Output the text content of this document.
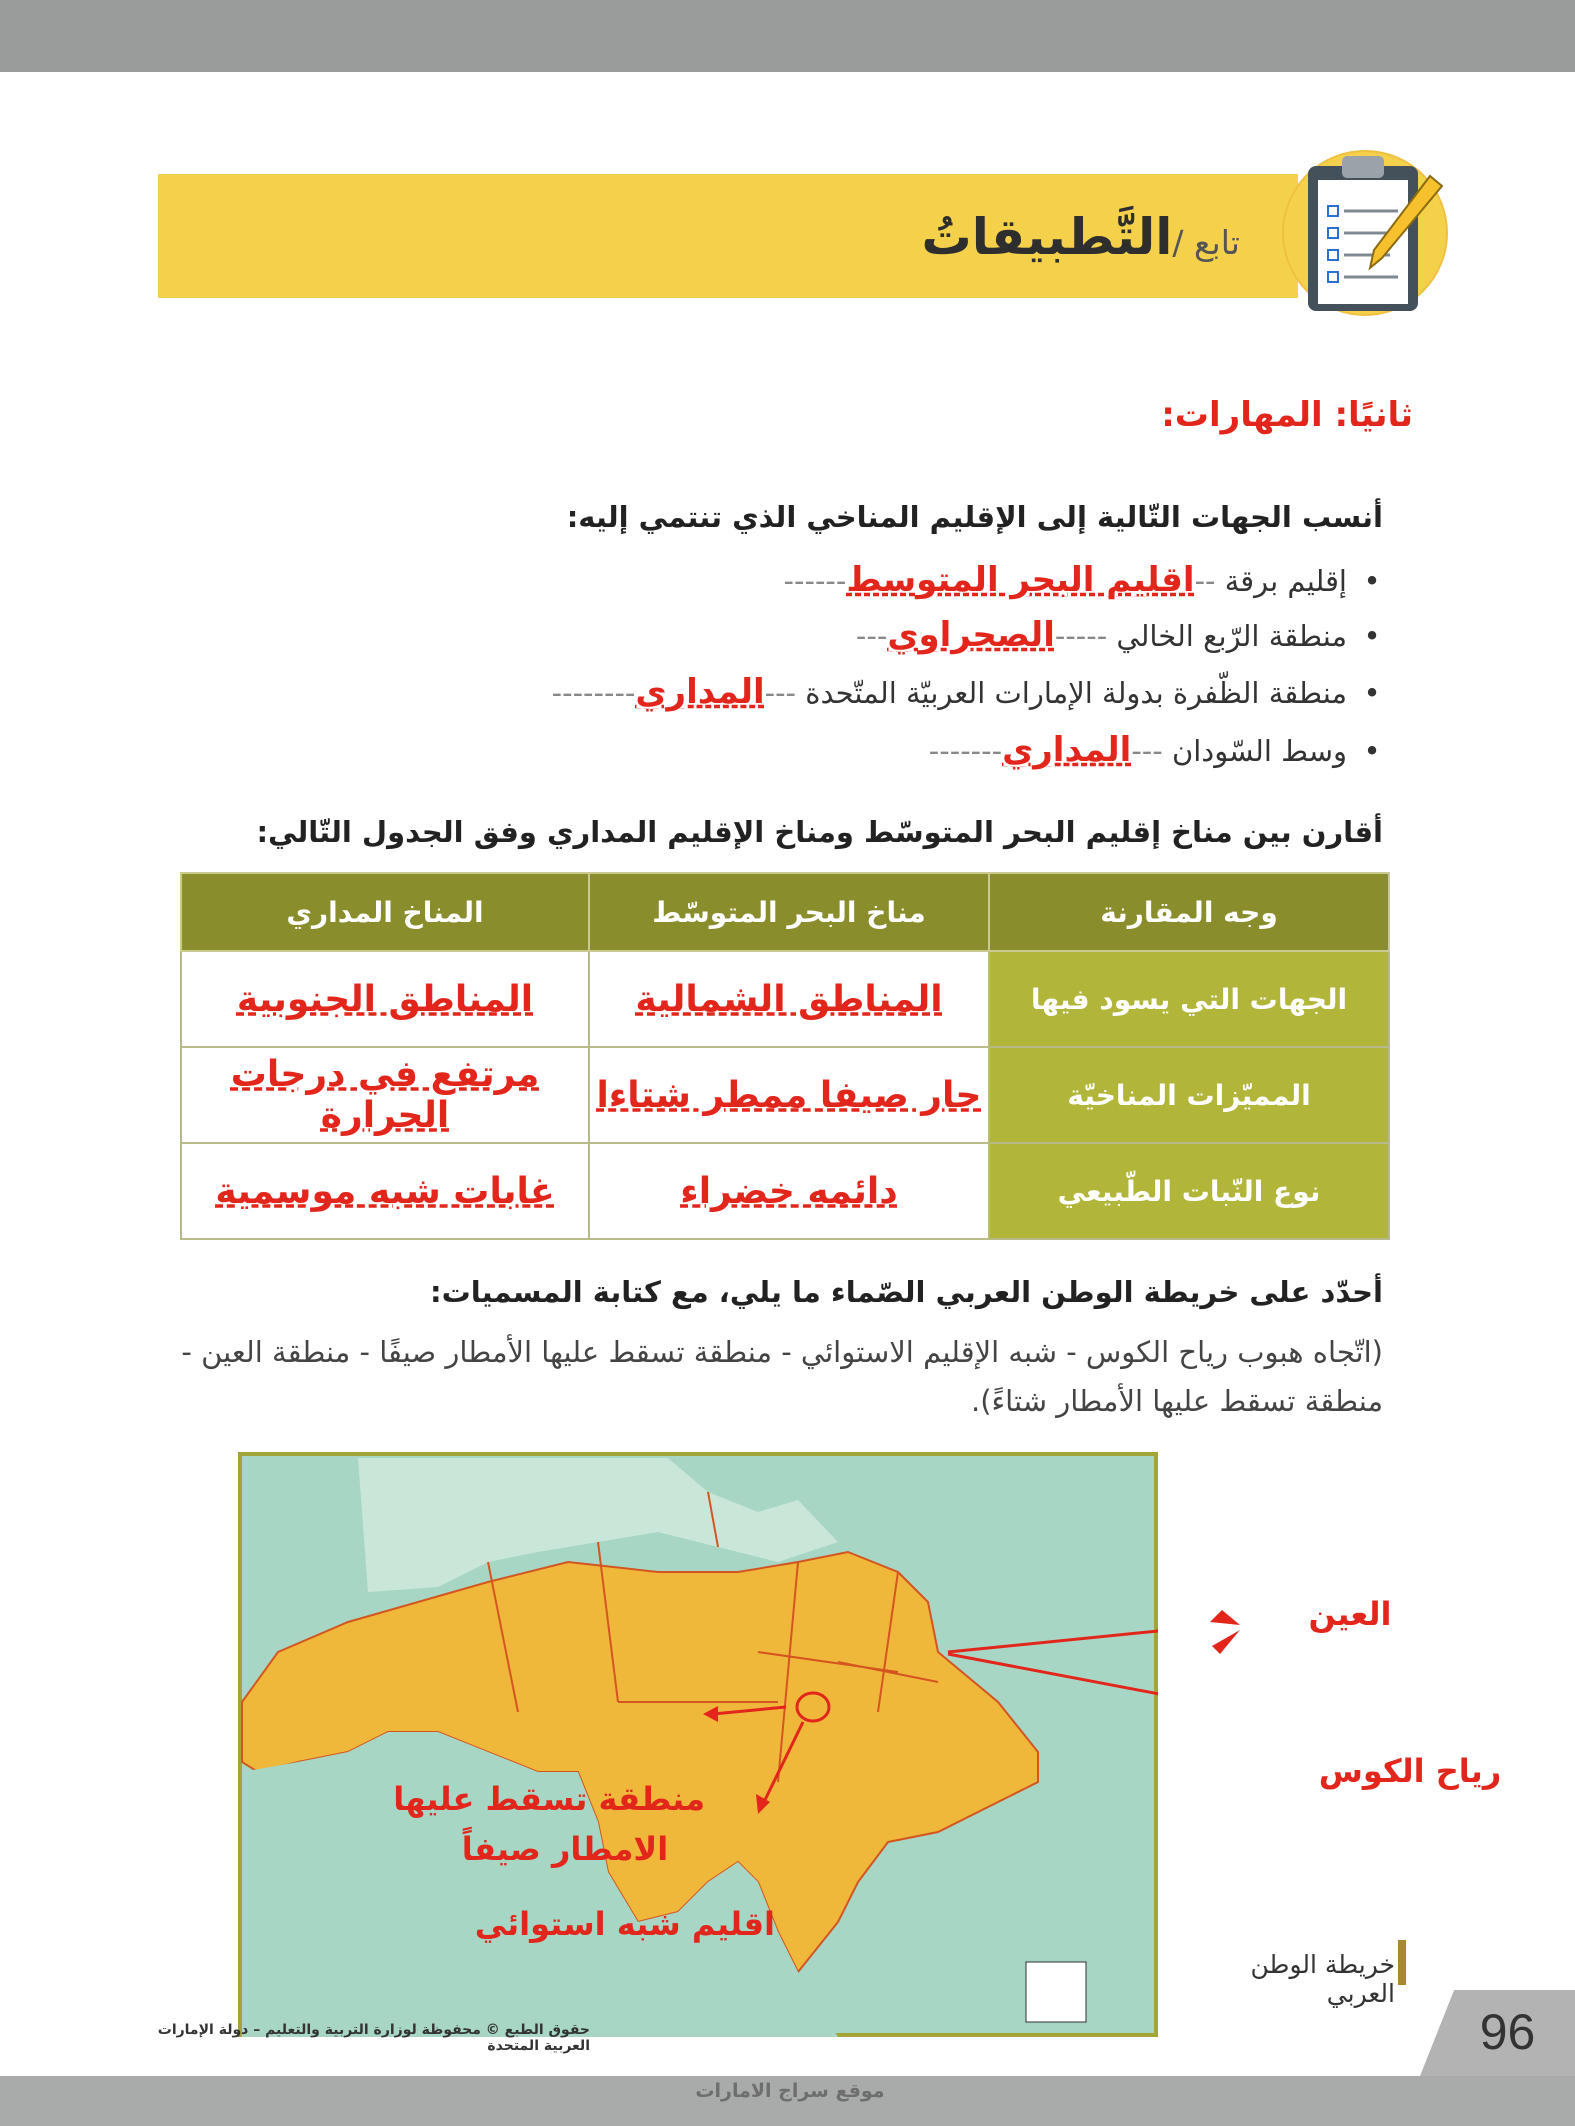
تابع /التَّطبيقاتُ
ثانيًا: المهارات:
أنسب الجهات التّالية إلى الإقليم المناخي الذي تنتمي إليه:
•إقليم برقة --اقليم البحر المتوسط------
•منطقة الرّبع الخالي -----الصحراوي---
•منطقة الظّفرة بدولة الإمارات العربيّة المتّحدة ---المداري--------
•وسط السّودان ---المداري-------
أقارن بين مناخ إقليم البحر المتوسّط ومناخ الإقليم المداري وفق الجدول التّالي:
وجه المقارنة	مناخ البحر المتوسّط	المناخ المداري
الجهات التي يسود فيها	المناطق الشمالية	المناطق الجنوبية
المميّزات المناخيّة	حار صيفا ممطر شتاءا	مرتفع في درجات الحرارة
نوع النّبات الطّبيعي	دائمه خضراء	غابات شبه موسمية
أحدّد على خريطة الوطن العربي الصّماء ما يلي، مع كتابة المسميات:
(اتّجاه هبوب رياح الكوس - شبه الإقليم الاستوائي - منطقة تسقط عليها الأمطار صيفًا - منطقة العين - منطقة تسقط عليها الأمطار شتاءً).
العين
رياح الكوس
منطقة تسقط عليها
الامطار صيفاً
اقليم شبه استوائي
خريطة الوطن العربي
حقوق الطبع © محفوظة لوزارة التربية والتعليم – دولة الإمارات العربية المتحدة	96
موقع سراج الامارات
